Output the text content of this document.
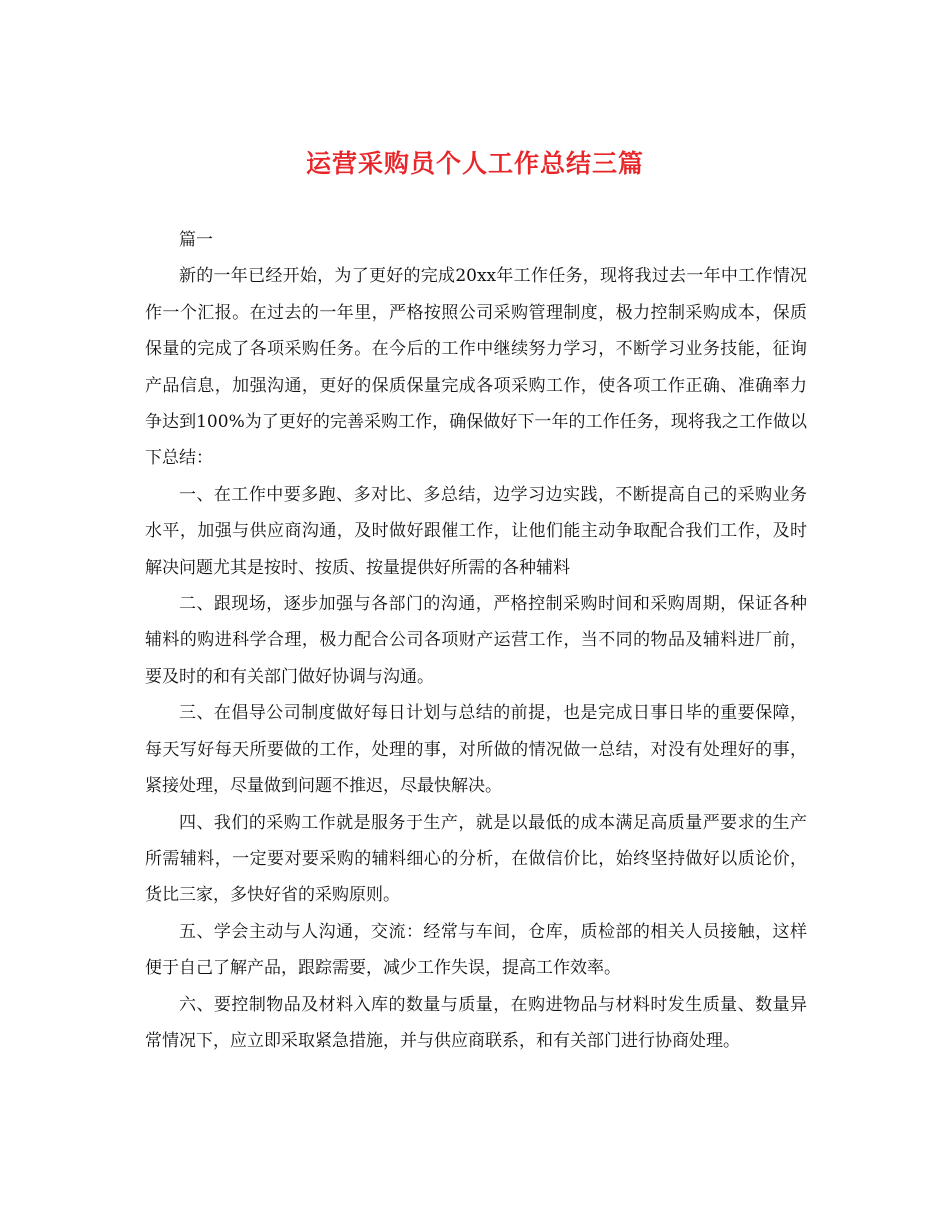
运营采购员个人工作总结三篇

篇一

新的一年已经开始，为了更好的完成20xx年工作任务，现将我过去一年中工作情况作一个汇报。在过去的一年里，严格按照公司采购管理制度，极力控制采购成本，保质保量的完成了各项采购任务。在今后的工作中继续努力学习，不断学习业务技能，征询产品信息，加强沟通，更好的保质保量完成各项采购工作，使各项工作正确、准确率力争达到100%为了更好的完善采购工作，确保做好下一年的工作任务，现将我之工作做以下总结：

一、在工作中要多跑、多对比、多总结，边学习边实践，不断提高自己的采购业务水平，加强与供应商沟通，及时做好跟催工作，让他们能主动争取配合我们工作，及时解决问题尤其是按时、按质、按量提供好所需的各种辅料

二、跟现场，逐步加强与各部门的沟通，严格控制采购时间和采购周期，保证各种辅料的购进科学合理，极力配合公司各项财产运营工作，当不同的物品及辅料进厂前，要及时的和有关部门做好协调与沟通。

三、在倡导公司制度做好每日计划与总结的前提，也是完成日事日毕的重要保障，每天写好每天所要做的工作，处理的事，对所做的情况做一总结，对没有处理好的事，紧接处理，尽量做到问题不推迟，尽最快解决。

四、我们的采购工作就是服务于生产，就是以最低的成本满足高质量严要求的生产所需辅料，一定要对要采购的辅料细心的分析，在做信价比，始终坚持做好以质论价，货比三家，多快好省的采购原则。

五、学会主动与人沟通，交流：经常与车间，仓库，质检部的相关人员接触，这样便于自己了解产品，跟踪需要，减少工作失误，提高工作效率。

六、要控制物品及材料入库的数量与质量，在购进物品与材料时发生质量、数量异常情况下，应立即采取紧急措施，并与供应商联系，和有关部门进行协商处理。
